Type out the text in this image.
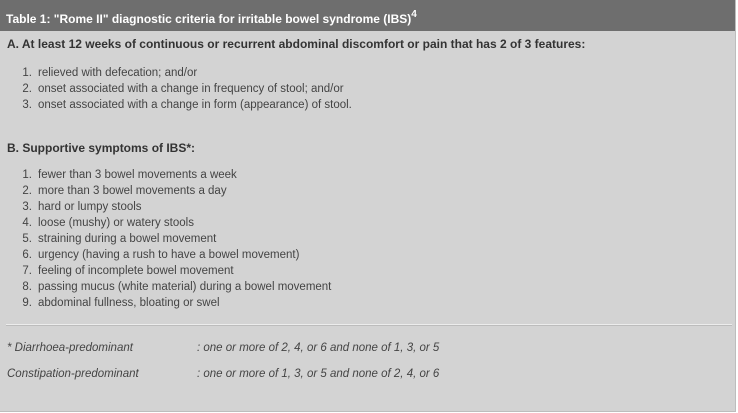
Table 1: "Rome II" diagnostic criteria for irritable bowel syndrome (IBS)$^4$
A. At least 12 weeks of continuous or recurrent abdominal discomfort or pain that has 2 of 3 features:
1. relieved with defecation; and/or
2. onset associated with a change in frequency of stool; and/or
3. onset associated with a change in form (appearance) of stool.
B. Supportive symptoms of IBS*:
1. fewer than 3 bowel movements a week
2. more than 3 bowel movements a day
3. hard or lumpy stools
4. loose (mushy) or watery stools
5. straining during a bowel movement
6. urgency (having a rush to have a bowel movement)
7. feeling of incomplete bowel movement
8. passing mucus (white material) during a bowel movement
9. abdominal fullness, bloating or swel
* Diarrhoea-predominant	: one or more of 2, 4, or 6 and none of 1, 3, or 5
Constipation-predominant	: one or more of 1, 3, or 5 and none of 2, 4, or 6
